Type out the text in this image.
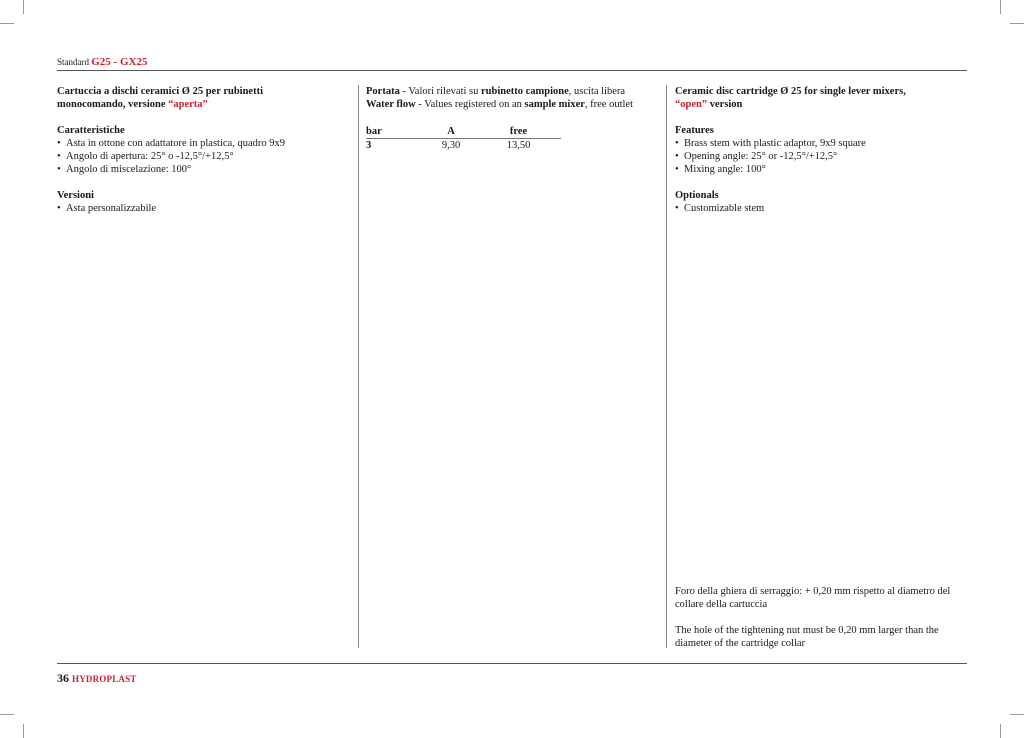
Standard G25 - GX25

Cartuccia a dischi ceramici Ø 25 per rubinetti
monocomando, versione “aperta”

Caratteristiche

• Asta in ottone con adattatore in plastica, quadro 9x9
• Angolo di apertura: 25° o -12,5°/+12,5°
• Angolo di miscelazione: 100°

Versioni

• Asta personalizzabile

Portata - Valori rilevati su rubinetto campione, uscita libera

Water flow - Values registered on an sample mixer, free outlet

bar	A	free
3	9,30	13,50

Ceramic disc cartridge Ø 25 for single lever mixers,
“open” version

Features

• Brass stem with plastic adaptor, 9x9 square
• Opening angle: 25° or -12,5°/+12,5°
• Mixing angle: 100°

Optionals

• Customizable stem

Foro della ghiera di serraggio: + 0,20 mm rispetto al diametro del collare della cartuccia

The hole of the tightening nut must be 0,20 mm larger than the diameter of the cartridge collar

36 HYDROPLAST
